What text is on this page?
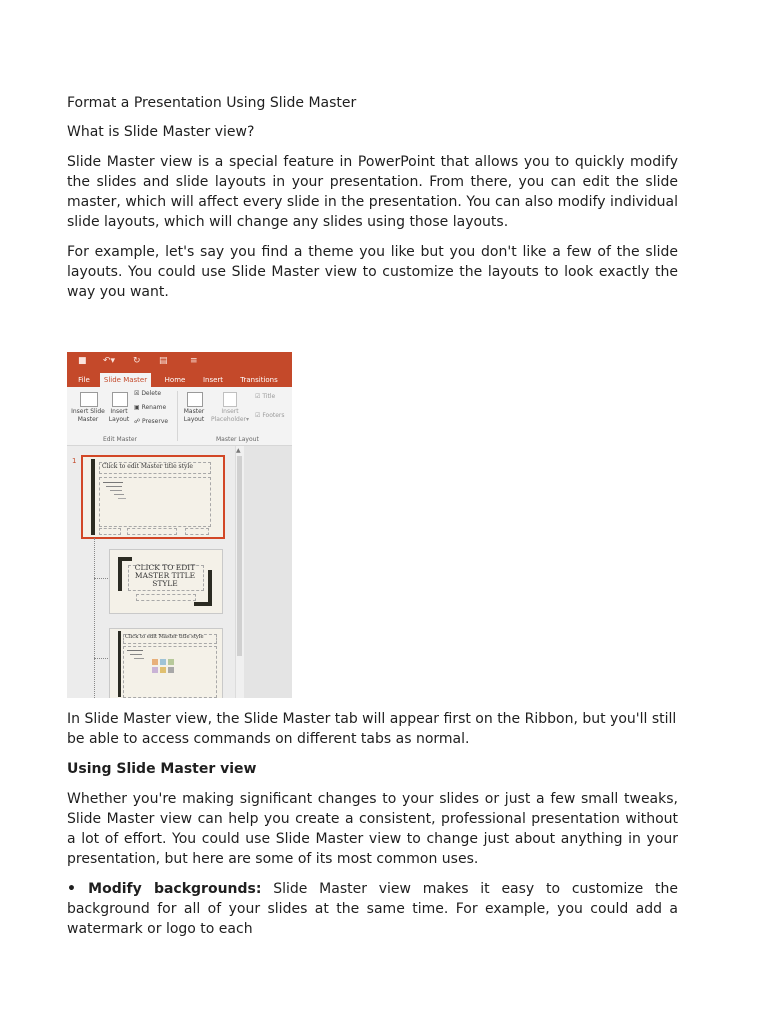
Format a Presentation Using Slide Master
What is Slide Master view?
Slide Master view is a special feature in PowerPoint that allows you to quickly modify the slides and slide layouts in your presentation. From there, you can edit the slide master, which will affect every slide in the presentation. You can also modify individual slide layouts, which will change any slides using those layouts.
For example, let's say you find a theme you like but you don't like a few of the slide layouts. You could use Slide Master view to customize the layouts to look exactly the way you want.
■ ↶▾ ↻ ▤ ≡
File	Slide Master	Home	Insert	Transitions
Insert Slide
Master
Insert
Layout
☒ Delete
▣ Rename
☍ Preserve
Edit Master
Master
Layout
Insert
Placeholder▾
☑ Title
☑ Footers
Master Layout
1
Click to edit Master title style
CLICK TO EDIT
MASTER TITLE
STYLE
Click to edit Master title style
▲
In Slide Master view, the Slide Master tab will appear first on the Ribbon, but you'll still be able to access commands on different tabs as normal.
Using Slide Master view
Whether you're making significant changes to your slides or just a few small tweaks, Slide Master view can help you create a consistent, professional presentation without a lot of effort. You could use Slide Master view to change just about anything in your presentation, but here are some of its most common uses.
• Modify backgrounds: Slide Master view makes it easy to customize the background for all of your slides at the same time. For example, you could add a watermark or logo to each
